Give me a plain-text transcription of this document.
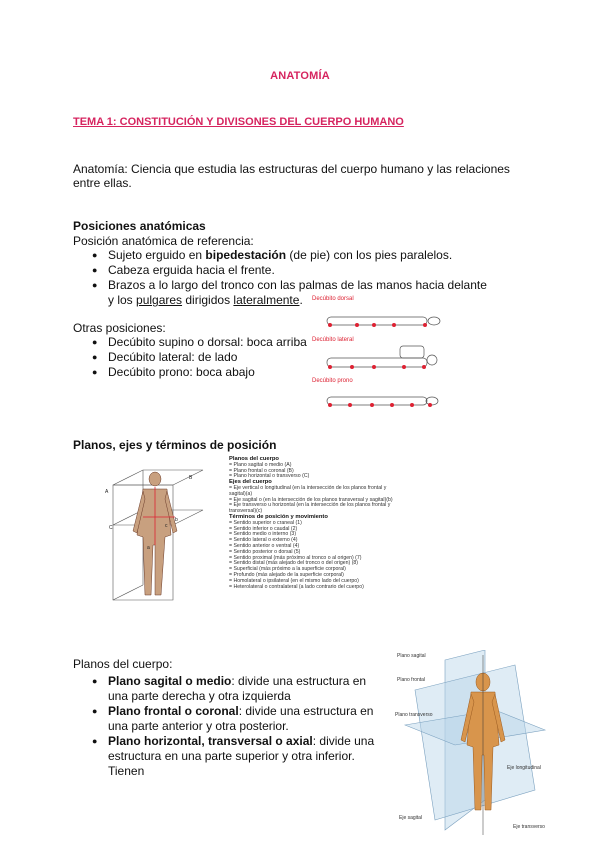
ANATOMÍA
TEMA 1: CONSTITUCIÓN Y DIVISONES DEL CUERPO HUMANO
Anatomía: Ciencia que estudia las estructuras del cuerpo humano y las relaciones entre ellas.
Posiciones anatómicas
Posición anatómica de referencia:
● Sujeto erguido en bipedestación (de pie) con los pies paralelos.
● Cabeza erguida hacia el frente.
● Brazos a lo largo del tronco con las palmas de las manos hacia delante y los pulgares dirigidos lateralmente.
Otras posiciones:
● Decúbito supino o dorsal: boca arriba
● Decúbito lateral: de lado
● Decúbito prono: boca abajo
Decúbito dorsal
Decúbito lateral
Decúbito prono
Planos, ejes y términos de posición
A
B
C
b
a
c
Planos del cuerpo
= Plano sagital o medio (A)
= Plano frontal o coronal (B)
= Plano horizontal o transverso (C)
Ejes del cuerpo
= Eje vertical o longitudinal (en la intersección de los planos frontal y sagital)(a)
= Eje sagital o (en la intersección de los planos transversal y sagital)(b)
= Eje transverso u horizontal (en la intersección de los planos frontal y transversal)(c)
Términos de posición y movimiento
= Sentido superior o craneal (1)
= Sentido inferior o caudal (2)
= Sentido medio o interno (3)
= Sentido lateral o externo (4)
= Sentido anterior o ventral (4)
= Sentido posterior o dorsal (5)
= Sentido proximal (más próximo al tronco o al origen) (7)
= Sentido distal (más alejado del tronco o del origen) (8)
= Superficial (más próximo a la superficie corporal)
= Profundo (más alejado de la superficie corporal)
= Homolateral o ipsilateral (en el mismo lado del cuerpo)
= Heterolateral o contralateral (a lado contrario del cuerpo)
Planos del cuerpo:
● Plano sagital o medio: divide una estructura en una parte derecha y otra izquierda
● Plano frontal o coronal: divide una estructura en una parte anterior y otra posterior.
● Plano horizontal, transversal o axial: divide una estructura en una parte superior y otra inferior. Tienen
Plano sagital
Plano frontal
Plano transverso
Eje longitudinal
Eje sagital
Eje transverso
